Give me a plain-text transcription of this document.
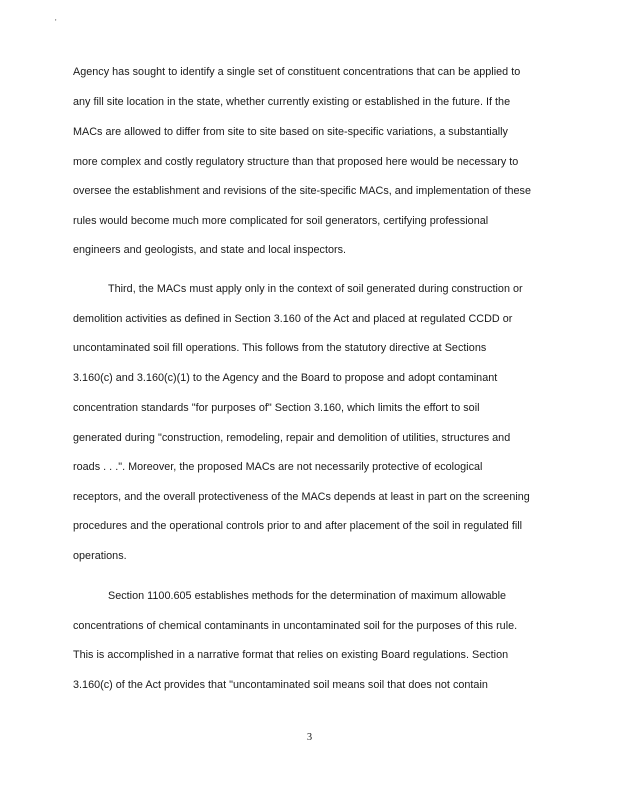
'
Agency has sought to identify a single set of constituent concentrations that can be applied to
any fill site location in the state, whether currently existing or established in the future. If the
MACs are allowed to differ from site to site based on site-specific variations, a substantially
more complex and costly regulatory structure than that proposed here would be necessary to
oversee the establishment and revisions of the site-specific MACs, and implementation of these
rules would become much more complicated for soil generators, certifying professional
engineers and geologists, and state and local inspectors.
Third, the MACs must apply only in the context of soil generated during construction or
demolition activities as defined in Section 3.160 of the Act and placed at regulated CCDD or
uncontaminated soil fill operations. This follows from the statutory directive at Sections
3.160(c) and 3.160(c)(1) to the Agency and the Board to propose and adopt contaminant
concentration standards "for purposes of" Section 3.160, which limits the effort to soil
generated during "construction, remodeling, repair and demolition of utilities, structures and
roads . . .". Moreover, the proposed MACs are not necessarily protective of ecological
receptors, and the overall protectiveness of the MACs depends at least in part on the screening
procedures and the operational controls prior to and after placement of the soil in regulated fill
operations.
Section 1100.605 establishes methods for the determination of maximum allowable
concentrations of chemical contaminants in uncontaminated soil for the purposes of this rule.
This is accomplished in a narrative format that relies on existing Board regulations. Section
3.160(c) of the Act provides that "uncontaminated soil means soil that does not contain
3
